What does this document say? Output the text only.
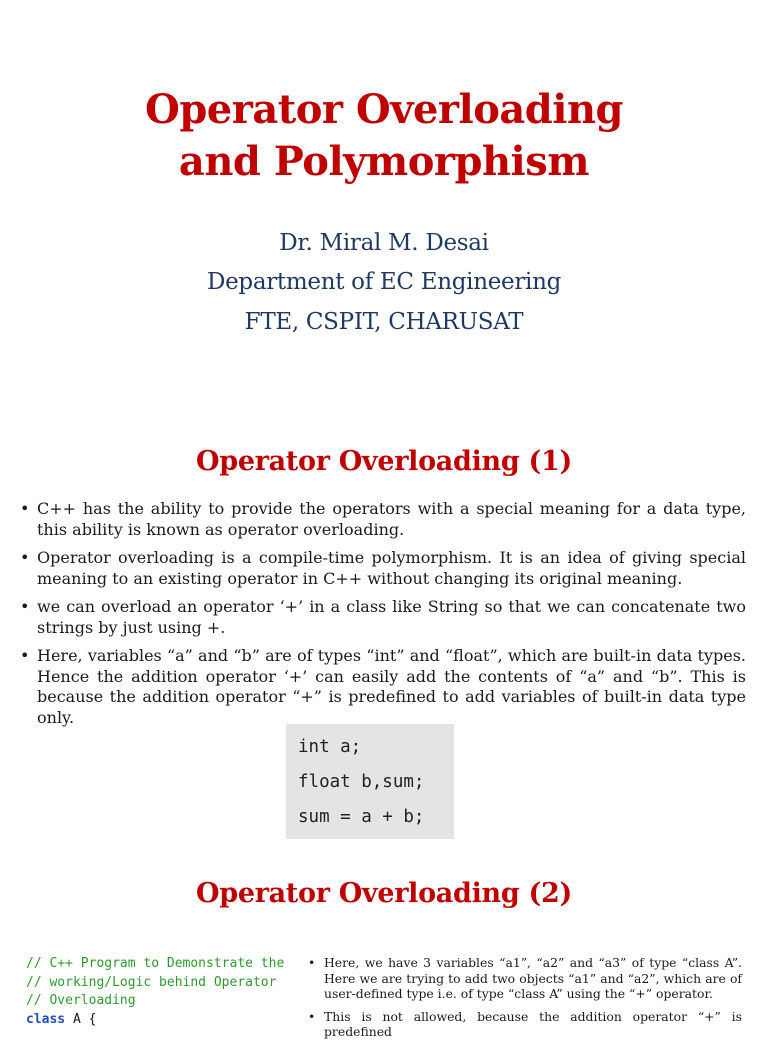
Operator Overloading
and Polymorphism
Dr. Miral M. Desai
Department of EC Engineering
FTE, CSPIT, CHARUSAT
Operator Overloading (1)
• C++ has the ability to provide the operators with a special meaning for a data type, this ability is known as operator overloading.
• Operator overloading is a compile-time polymorphism. It is an idea of giving special meaning to an existing operator in C++ without changing its original meaning.
• we can overload an operator ‘+’ in a class like String so that we can concatenate two strings by just using +.
• Here, variables “a” and “b” are of types “int” and “float”, which are built-in data types. Hence the addition operator ‘+’ can easily add the contents of “a” and “b”. This is because the addition operator “+” is predefined to add variables of built-in data type only.
int a;
float b,sum;
sum = a + b;
Operator Overloading (2)
// C++ Program to Demonstrate the
// working/Logic behind Operator
// Overloading
class A {
• Here, we have 3 variables “a1”, “a2” and “a3” of type “class A”. Here we are trying to add two objects “a1” and “a2”, which are of user-defined type i.e. of type “class A” using the “+” operator.
• This is not allowed, because the addition operator “+” is predefined
